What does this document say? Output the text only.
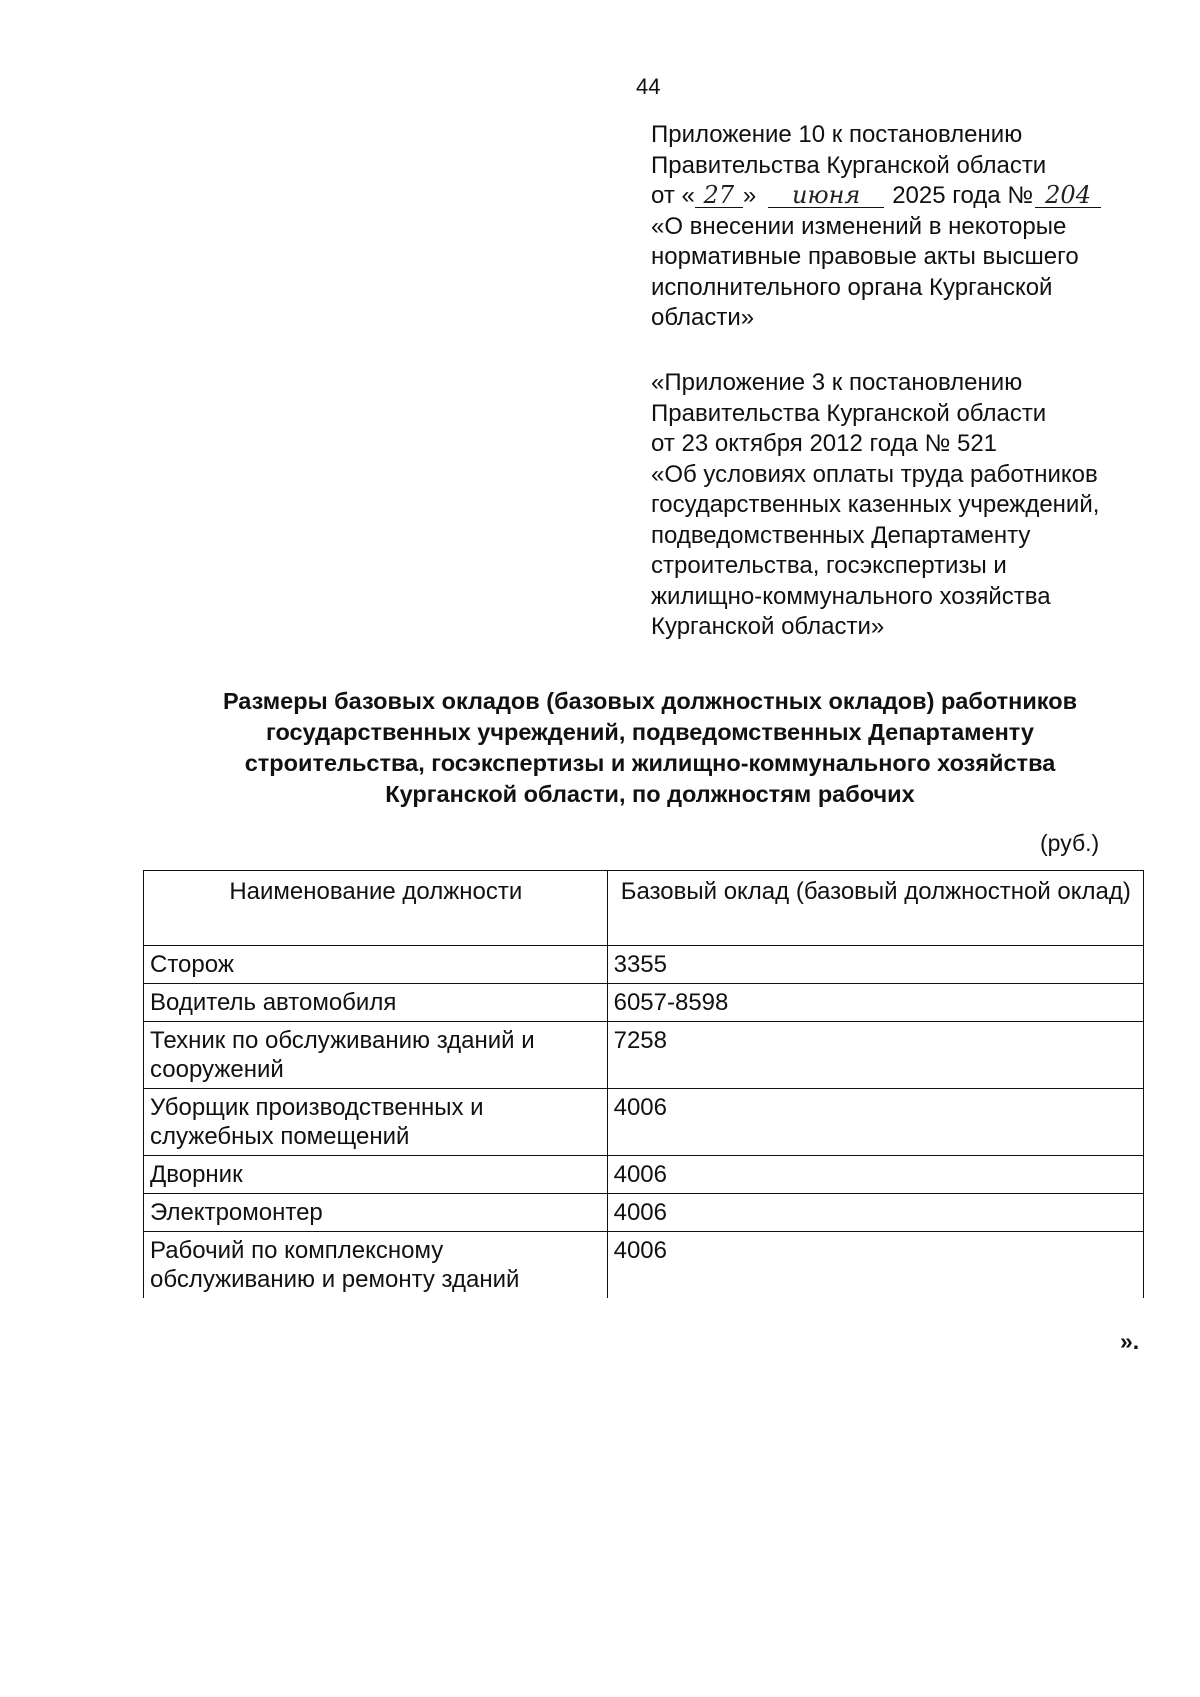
44

Приложение 10 к постановлению

Правительства Курганской области

от « 27 » июня 2025 года № 204

«О внесении изменений в некоторые

нормативные правовые акты высшего

исполнительного органа Курганской

области»

«Приложение 3 к постановлению

Правительства Курганской области

от 23 октября 2012 года № 521

«Об условиях оплаты труда работников

государственных казенных учреждений,

подведомственных Департаменту

строительства, госэкспертизы и

жилищно-коммунального хозяйства

Курганской области»

Размеры базовых окладов (базовых должностных окладов) работников
государственных учреждений, подведомственных Департаменту
строительства, госэкспертизы и жилищно-коммунального хозяйства
Курганской области, по должностям рабочих
(руб.)
Наименование должности	Базовый оклад (базовый должностной оклад)
Сторож	3355
Водитель автомобиля	6057-8598
Техник по обслуживанию зданий и сооружений	7258
Уборщик производственных и служебных помещений	4006
Дворник	4006
Электромонтер	4006
Рабочий по комплексному обслуживанию и ремонту зданий	4006
».
